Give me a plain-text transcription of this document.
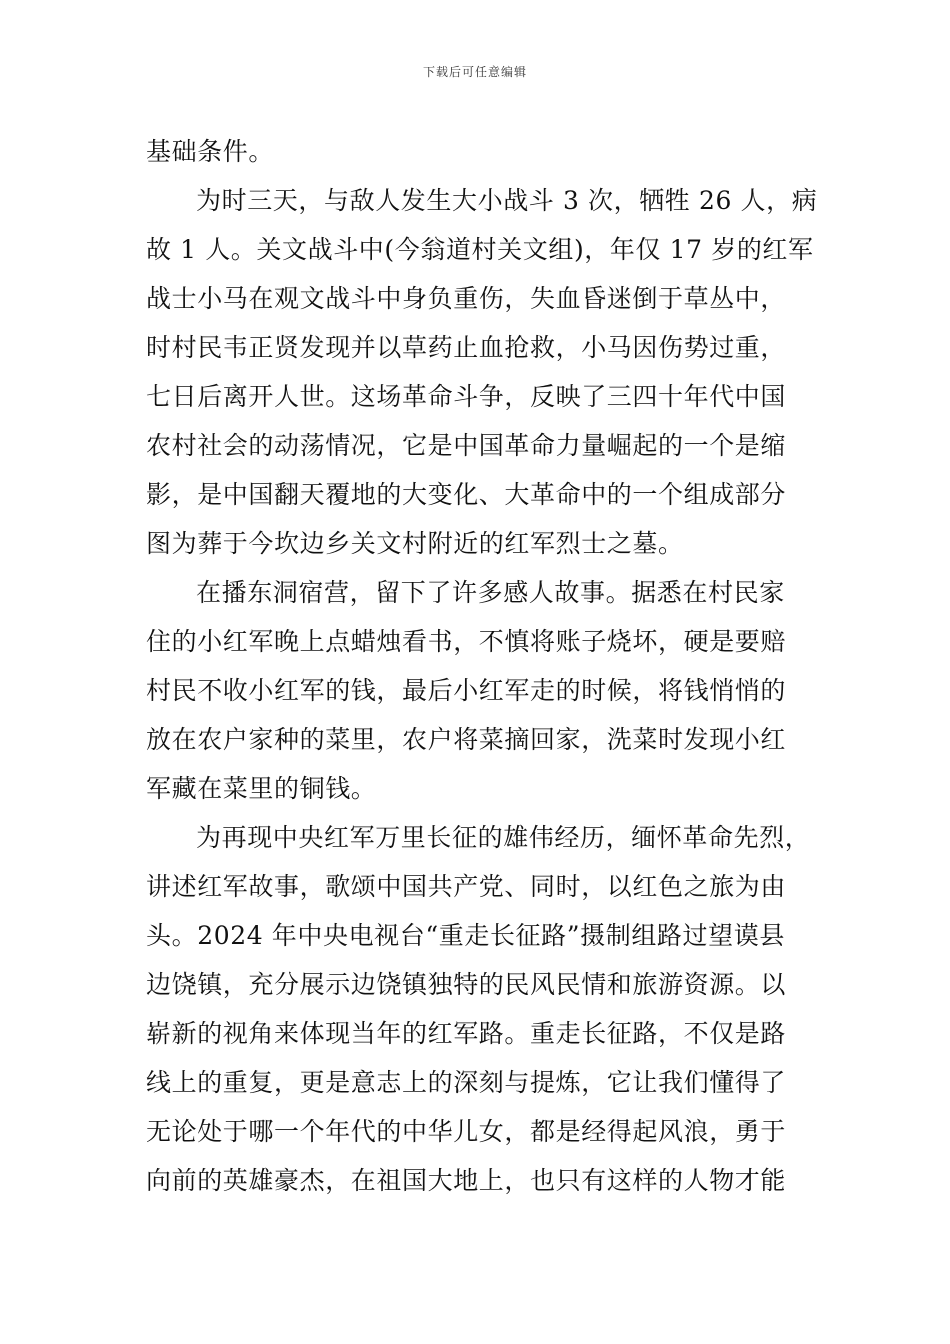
下载后可任意编辑
基础条件。
为时三天，与敌人发生大小战斗 3 次，牺牲 26 人，病
故 1 人。关文战斗中(今翁道村关文组)，年仅 17 岁的红军
战士小马在观文战斗中身负重伤，失血昏迷倒于草丛中，
时村民韦正贤发现并以草药止血抢救，小马因伤势过重，
七日后离开人世。这场革命斗争，反映了三四十年代中国
农村社会的动荡情况，它是中国革命力量崛起的一个是缩
影，是中国翻天覆地的大变化、大革命中的一个组成部分
图为葬于今坎边乡关文村附近的红军烈士之墓。
在播东洞宿营，留下了许多感人故事。据悉在村民家
住的小红军晚上点蜡烛看书，不慎将账子烧坏，硬是要赔
村民不收小红军的钱，最后小红军走的时候，将钱悄悄的
放在农户家种的菜里，农户将菜摘回家，洗菜时发现小红
军藏在菜里的铜钱。
为再现中央红军万里长征的雄伟经历，缅怀革命先烈，
讲述红军故事，歌颂中国共产党、同时，以红色之旅为由
头。2024 年中央电视台“重走长征路”摄制组路过望谟县
边饶镇，充分展示边饶镇独特的民风民情和旅游资源。以
崭新的视角来体现当年的红军路。重走长征路，不仅是路
线上的重复，更是意志上的深刻与提炼，它让我们懂得了
无论处于哪一个年代的中华儿女，都是经得起风浪，勇于
向前的英雄豪杰，在祖国大地上，也只有这样的人物才能
